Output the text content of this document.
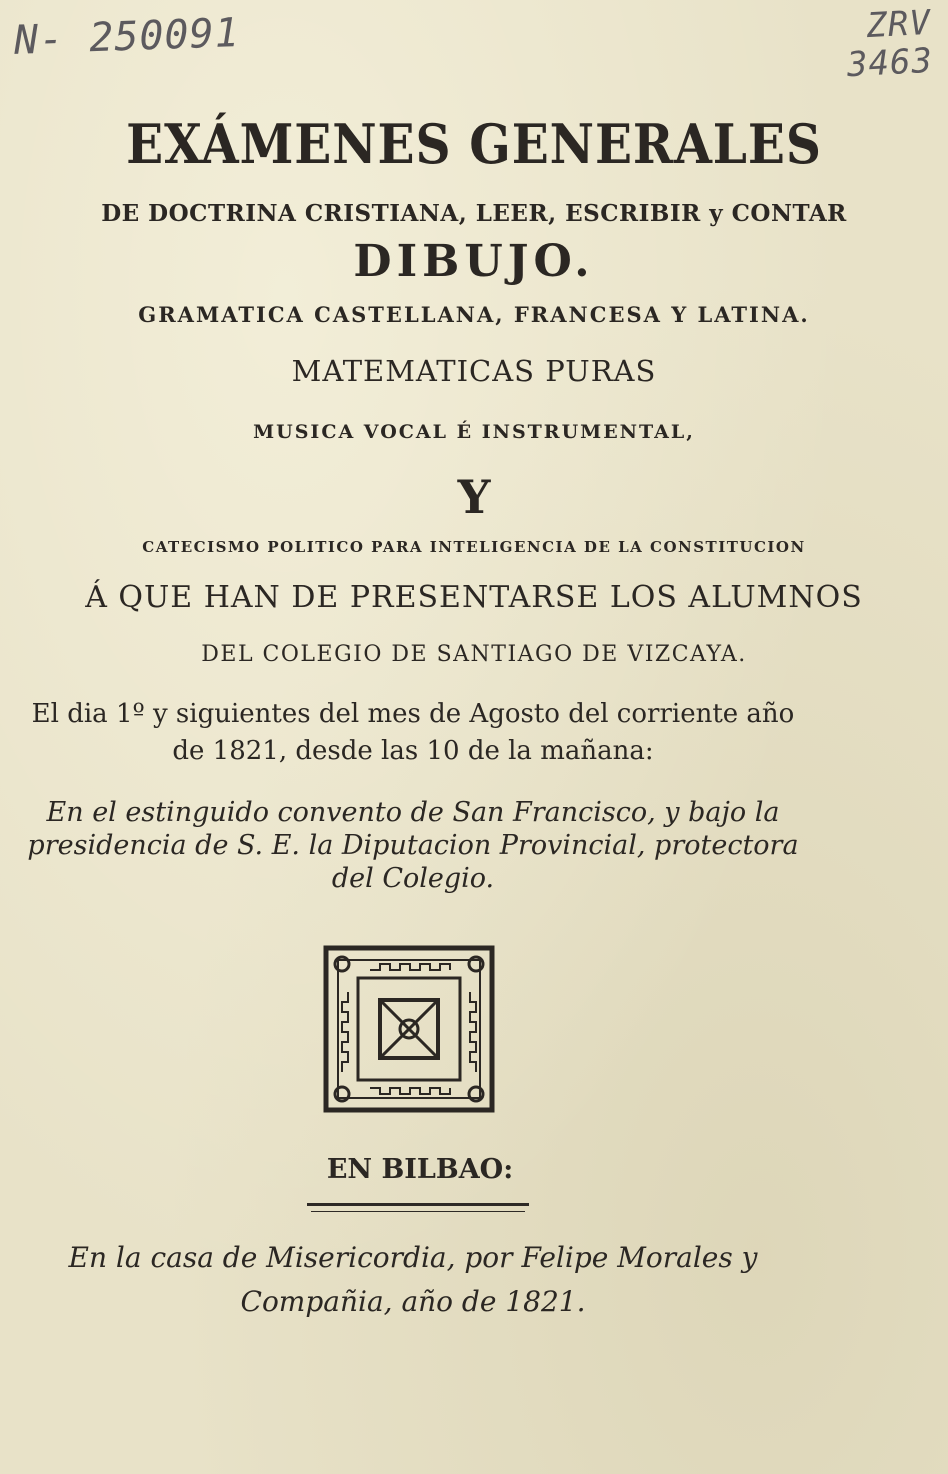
N- 250091	ZRV
3463
EXÁMENES GENERALES
DE DOCTRINA CRISTIANA, LEER, ESCRIBIR y CONTAR
DIBUJO.
GRAMATICA CASTELLANA, FRANCESA Y LATINA.
MATEMATICAS PURAS
MUSICA VOCAL É INSTRUMENTAL,
Y
CATECISMO POLITICO PARA INTELIGENCIA DE LA CONSTITUCION
Á QUE HAN DE PRESENTARSE LOS ALUMNOS
DEL COLEGIO DE SANTIAGO DE VIZCAYA.
El dia 1º y siguientes del mes de Agosto del corriente año de 1821, desde las 10 de la mañana:
En el estinguido convento de San Francisco, y bajo la presidencia de S. E. la Diputacion Provincial, protectora del Colegio.
EN BILBAO:
En la casa de Misericordia, por Felipe Morales y Compañia, año de 1821.
